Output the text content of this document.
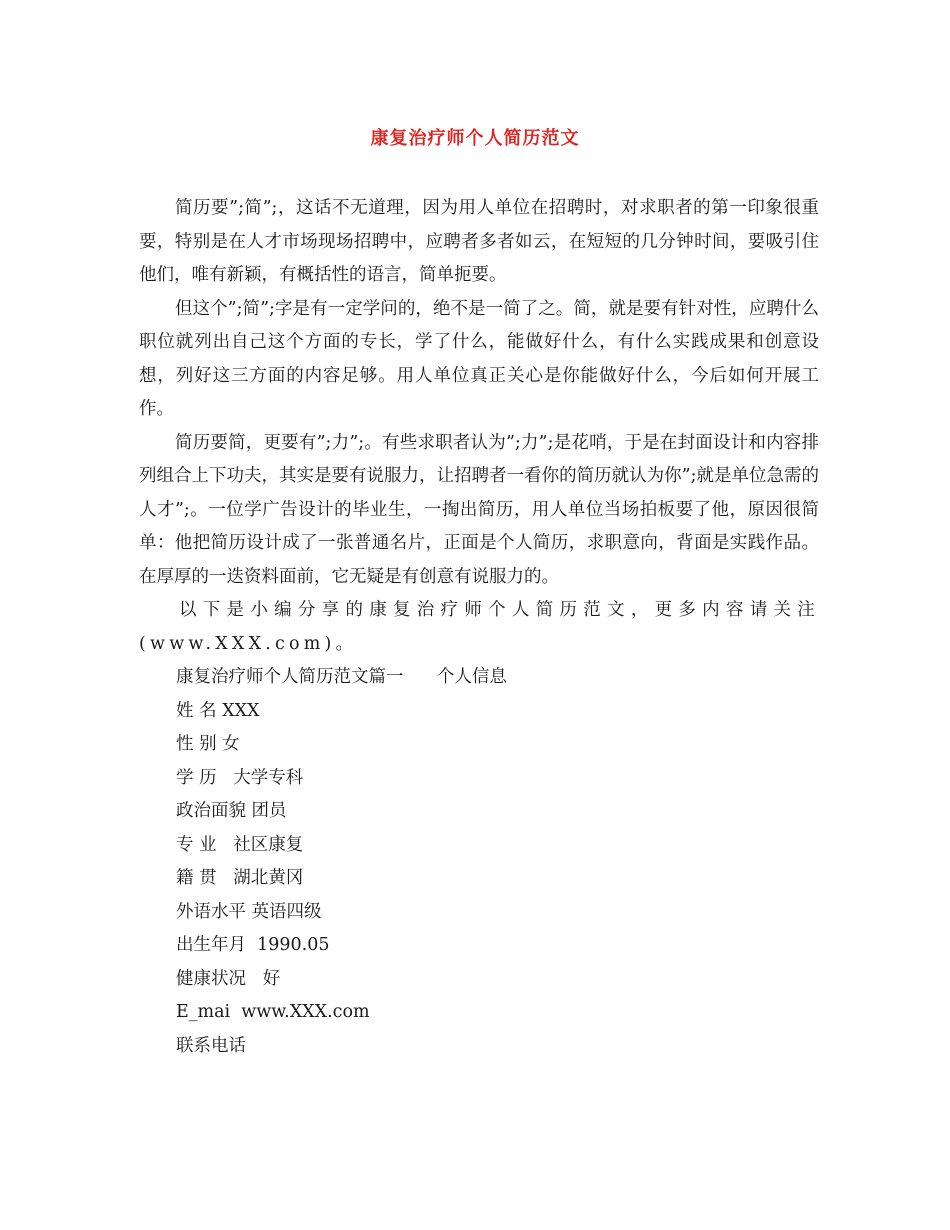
康复治疗师个人简历范文

简历要”;简”;，这话不无道理，因为用人单位在招聘时，对求职者的第一印象很重要，特别是在人才市场现场招聘中，应聘者多者如云，在短短的几分钟时间，要吸引住他们，唯有新颖，有概括性的语言，简单扼要。

但这个”;简”;字是有一定学问的，绝不是一简了之。简，就是要有针对性，应聘什么职位就列出自己这个方面的专长，学了什么，能做好什么，有什么实践成果和创意设想，列好这三方面的内容足够。用人单位真正关心是你能做好什么，今后如何开展工作。

简历要简，更要有”;力”;。有些求职者认为”;力”;是花哨，于是在封面设计和内容排列组合上下功夫，其实是要有说服力，让招聘者一看你的简历就认为你”;就是单位急需的人才”;。一位学广告设计的毕业生，一掏出简历，用人单位当场拍板要了他，原因很简单：他把简历设计成了一张普通名片，正面是个人简历，求职意向，背面是实践作品。在厚厚的一迭资料面前，它无疑是有创意有说服力的。

以下是小编分享的康复治疗师个人简历范文，更多内容请关注(www.XXX.com)。

康复治疗师个人简历范文篇一      个人信息

姓 名 XXX

性 别 女

学 历   大学专科

政治面貌 团员

专 业   社区康复

籍 贯   湖北黄冈

外语水平 英语四级

出生年月  1990.05

健康状况   好

E_mai  www.XXX.com

联系电话
